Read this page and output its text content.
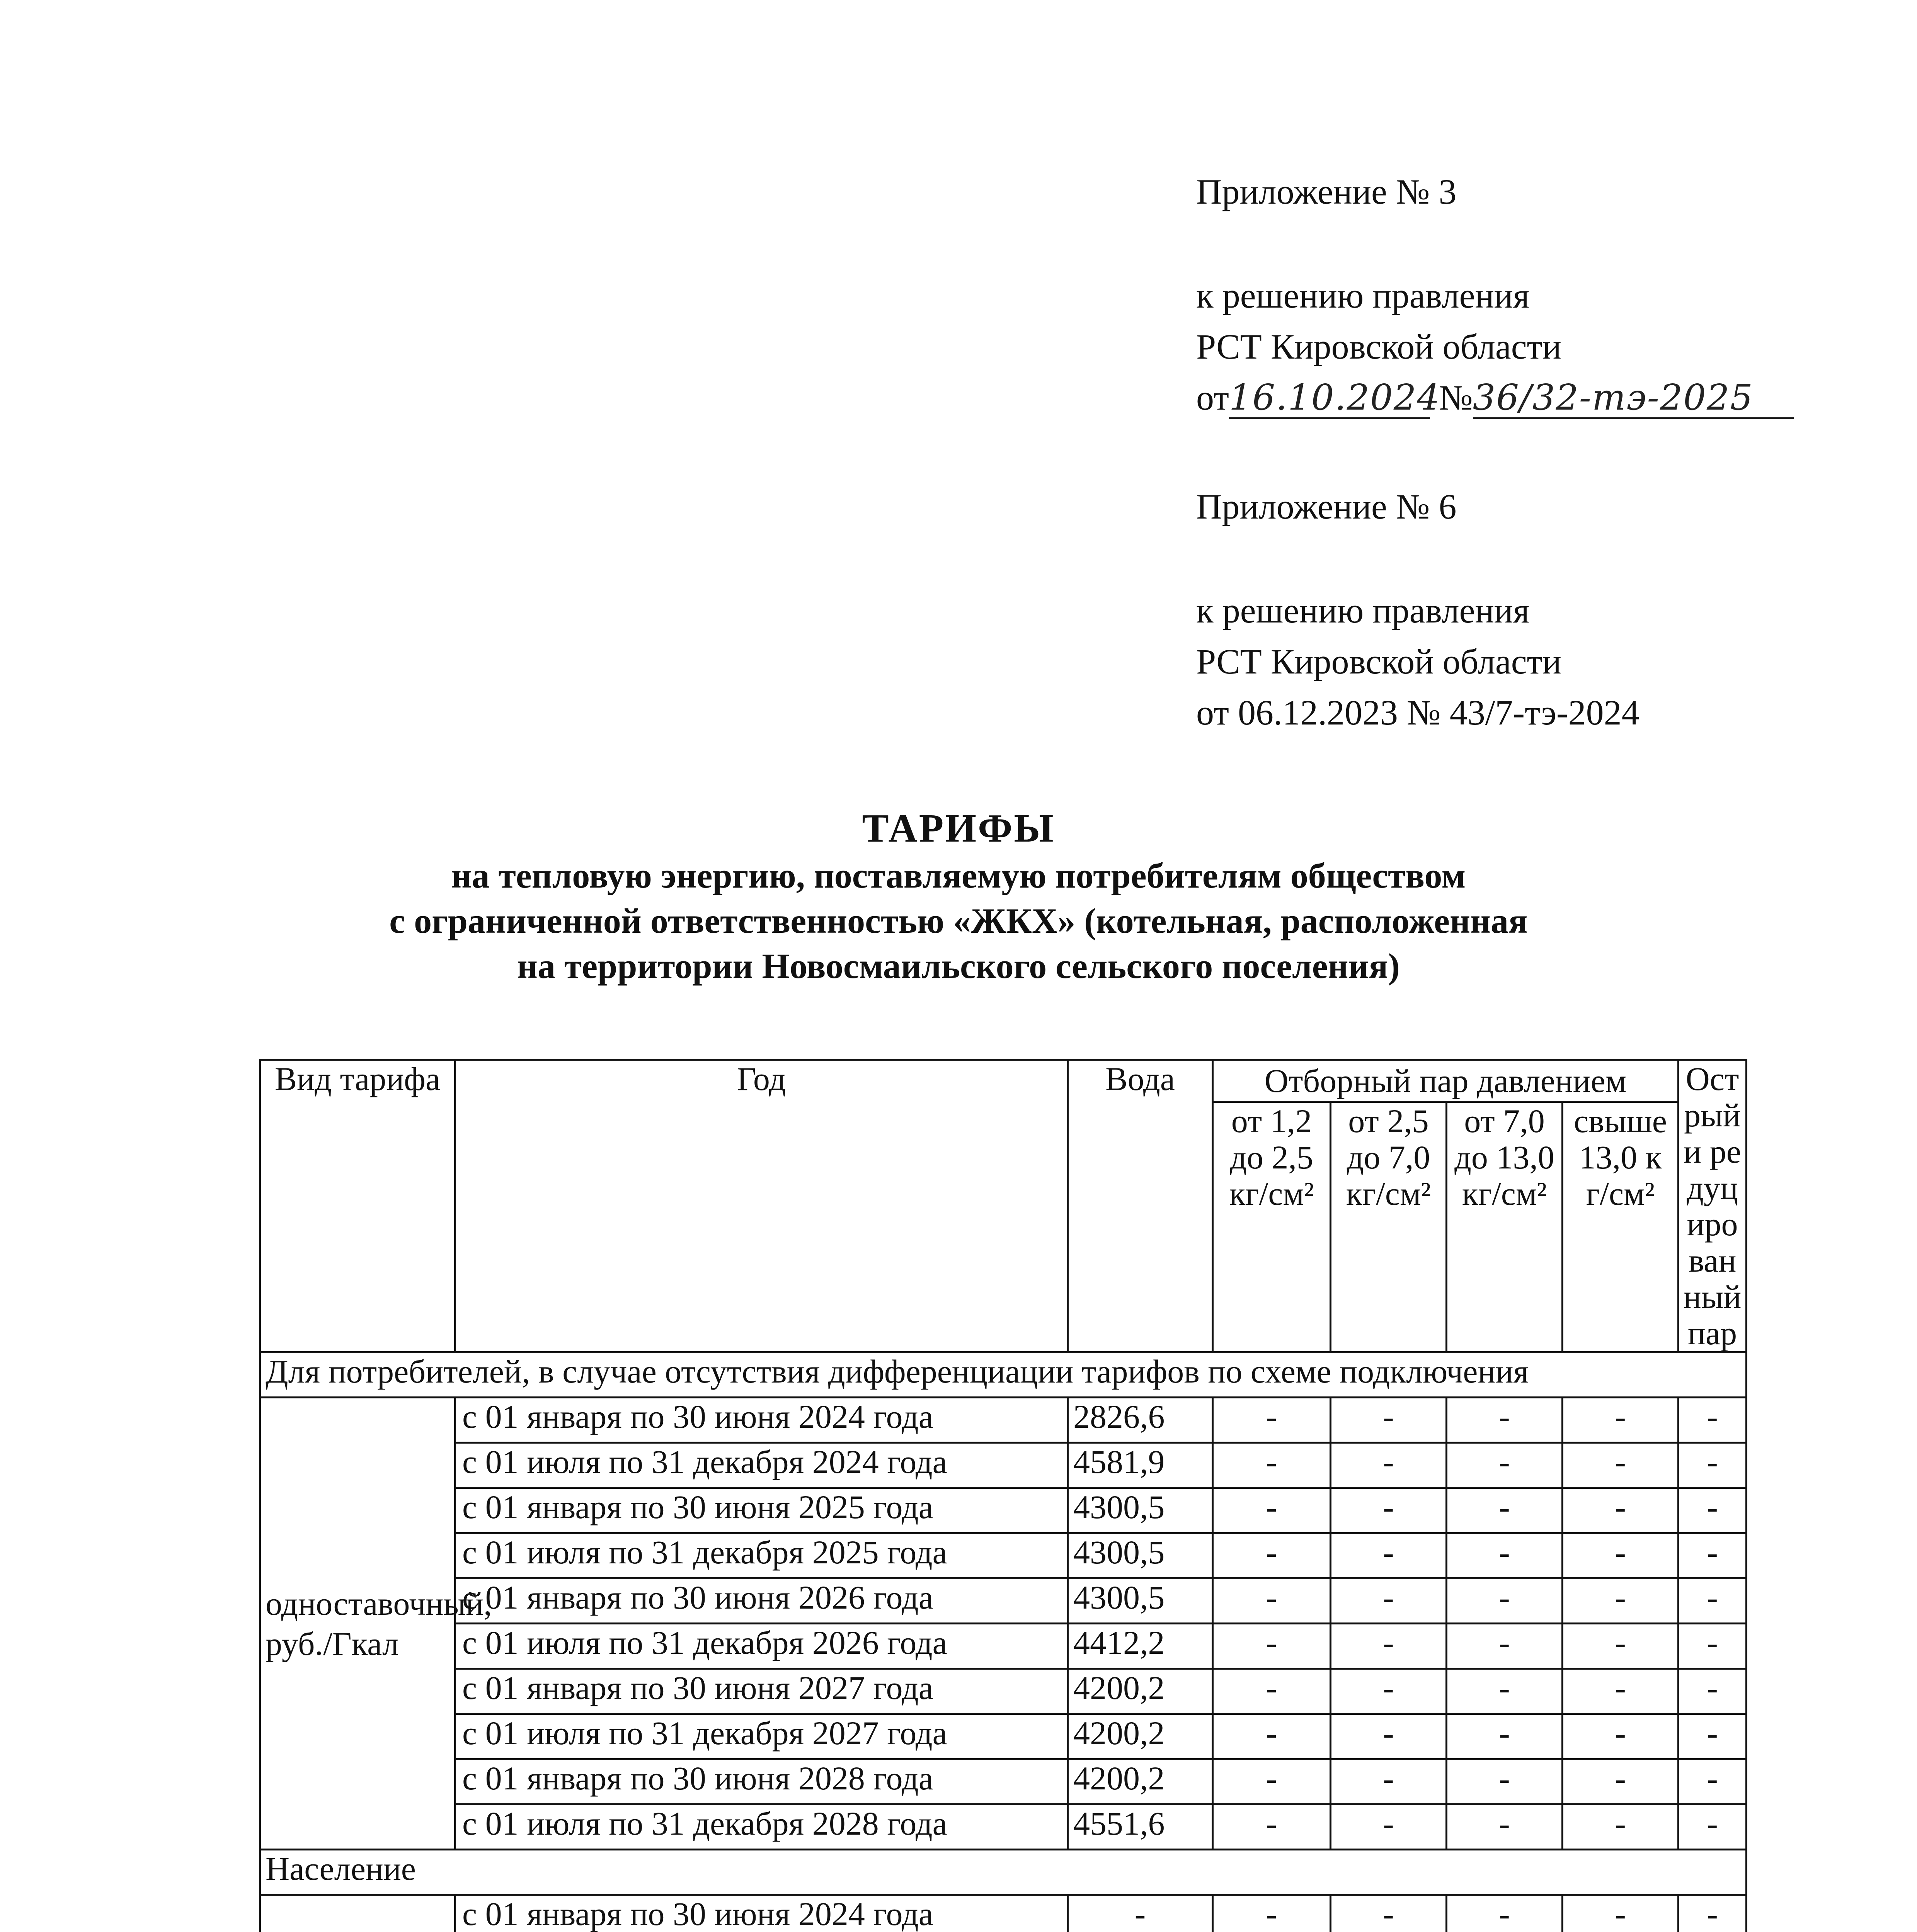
Приложение № 3
к решению правления
РСТ Кировской области
от16.10.2024 №36/32-тэ-2025
Приложение № 6
к решению правления
РСТ Кировской области
от 06.12.2023 № 43/7-тэ-2024
ТАРИФЫ
на тепловую энергию, поставляемую потребителям обществом
с ограниченной ответственностью «ЖКХ» (котельная, расположенная
на территории Новосмаильского сельского поселения)
Вид тарифа	Год	Вода	Отборный пар давлением				Острый и редуцированный пар
			от 1,2 до 2,5 кг/см²	от 2,5 до 7,0 кг/см²	от 7,0 до 13,0 кг/см²	свыше 13,0 кг/см²	
Для потребителей, в случае отсутствия дифференциации тарифов по схеме подключения							
одноставочный, руб./Гкал	с 01 января по 30 июня 2024 года	2826,6	-	-	-	-	-
	с 01 июля по 31 декабря 2024 года	4581,9	-	-	-	-	-
	с 01 января по 30 июня 2025 года	4300,5	-	-	-	-	-
	с 01 июля по 31 декабря 2025 года	4300,5	-	-	-	-	-
	с 01 января по 30 июня 2026 года	4300,5	-	-	-	-	-
	с 01 июля по 31 декабря 2026 года	4412,2	-	-	-	-	-
	с 01 января по 30 июня 2027 года	4200,2	-	-	-	-	-
	с 01 июля по 31 декабря 2027 года	4200,2	-	-	-	-	-
	с 01 января по 30 июня 2028 года	4200,2	-	-	-	-	-
	с 01 июля по 31 декабря 2028 года	4551,6	-	-	-	-	-
Население							
	с 01 января по 30 июня 2024 года	-	-	-	-	-	-
